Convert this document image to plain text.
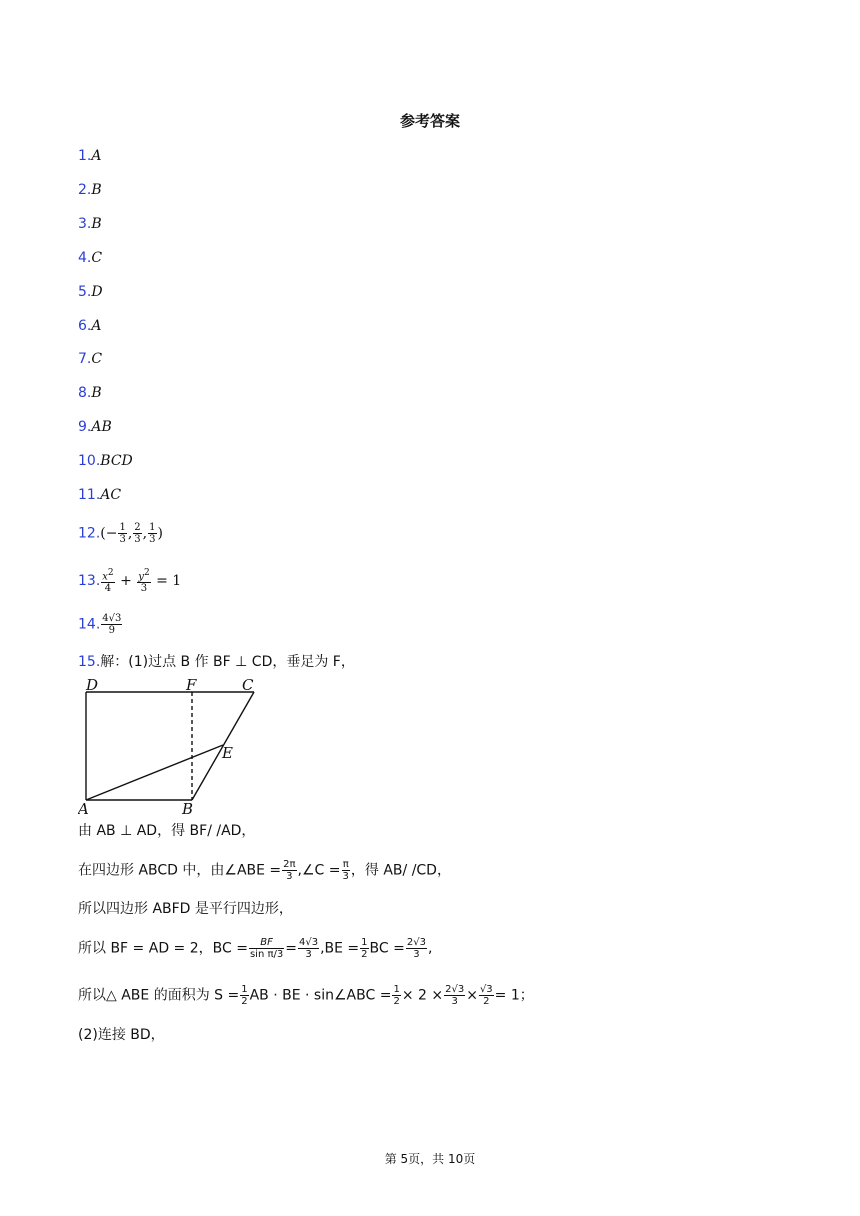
参考答案
1.A
2.B
3.B
4.C
5.D
6.A
7.C
8.B
9.AB
10.BCD
11.AC
$12.(- \frac{1}{3}$ , $\frac{2}{3}$ , $\frac{1}{3}$ )
13. $\frac{x^2}{4} + \frac{y^2}{3} = 1$
14. $\frac{4√3}{9}$
15.解：(1)过点 B 作 BF ⊥ CD，垂足为 F，
D	F	C
E
A	B
由 AB ⊥ AD，得 BF/ /AD，
在四边形 ABCD 中，由∠ABE = $\frac{2\pi}{3}$ ,∠C = $\frac{\pi}{3}$ ，得 AB/ /CD，
所以四边形 ABFD 是平行四边形，
所以 BF = AD = 2，BC = $\frac{BF}{\text{sin π/3}} = \frac{4√3}{3} ,BE = \frac{1}{2}$ BC = $\frac{2√3}{3}$ ,
所以△ ABE 的面积为 $S = \frac{1}{2}$ AB · BE · sin∠ABC = $\frac{1}{2} \times 2 \times \frac{2√3}{3} \times \frac{√3}{2} = 1$；
(2)连接 BD，
第 5页，共 10页
